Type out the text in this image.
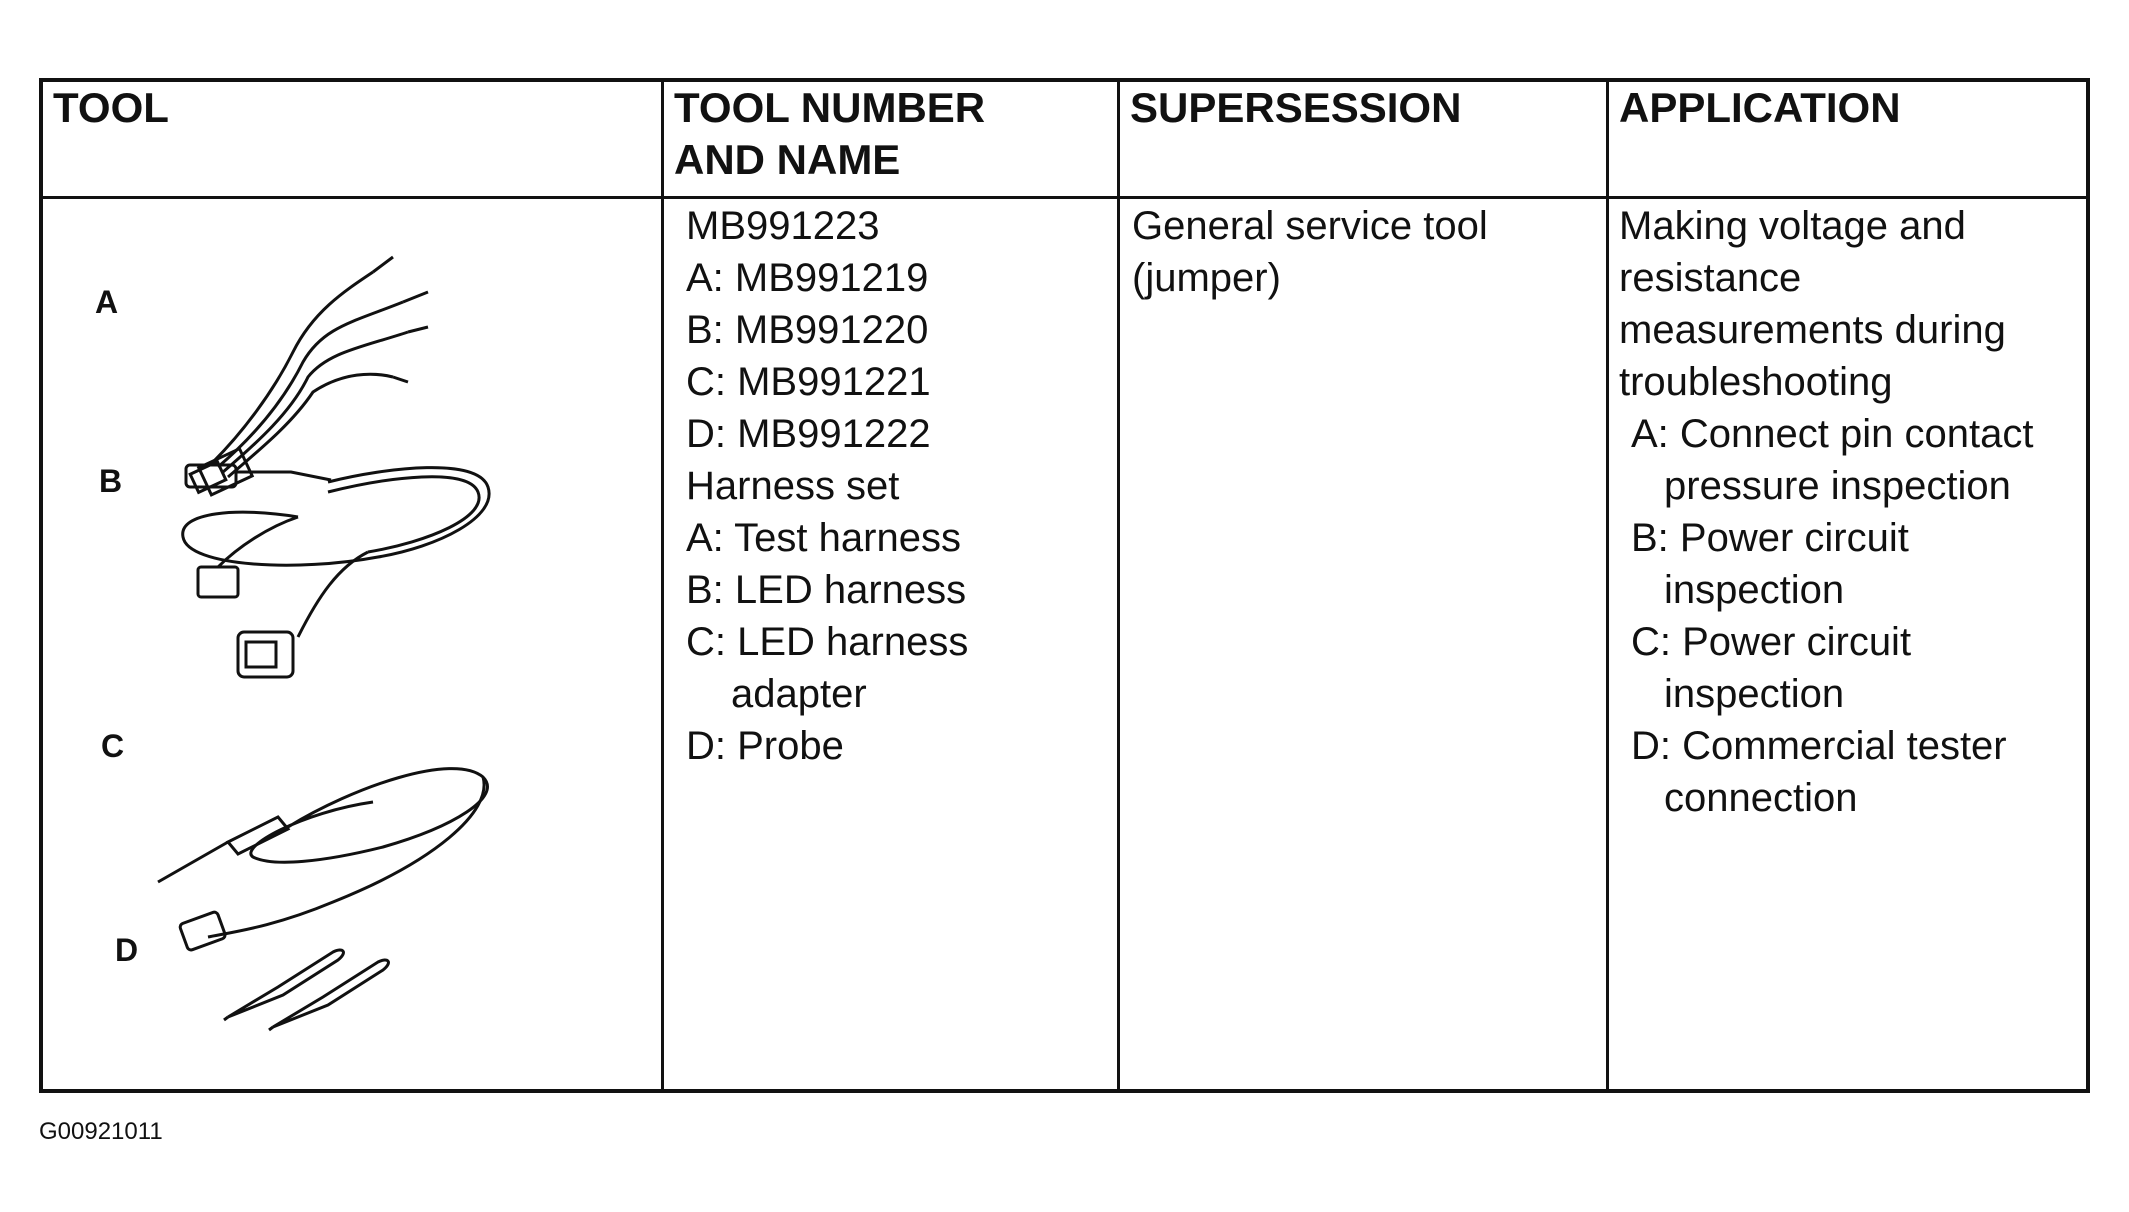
TOOL	TOOL NUMBER
AND NAME
SUPERSESSION	APPLICATION
A
B
C
D
MB991223
A: MB991219
B: MB991220
C: MB991221
D: MB991222
Harness set
A: Test harness
B: LED harness
C: LED harness
adapter
D: Probe
General service tool
(jumper)
Making voltage and
resistance
measurements during
troubleshooting
A: Connect pin contact
pressure inspection
B: Power circuit
inspection
C: Power circuit
inspection
D: Commercial tester
connection
G00921011
